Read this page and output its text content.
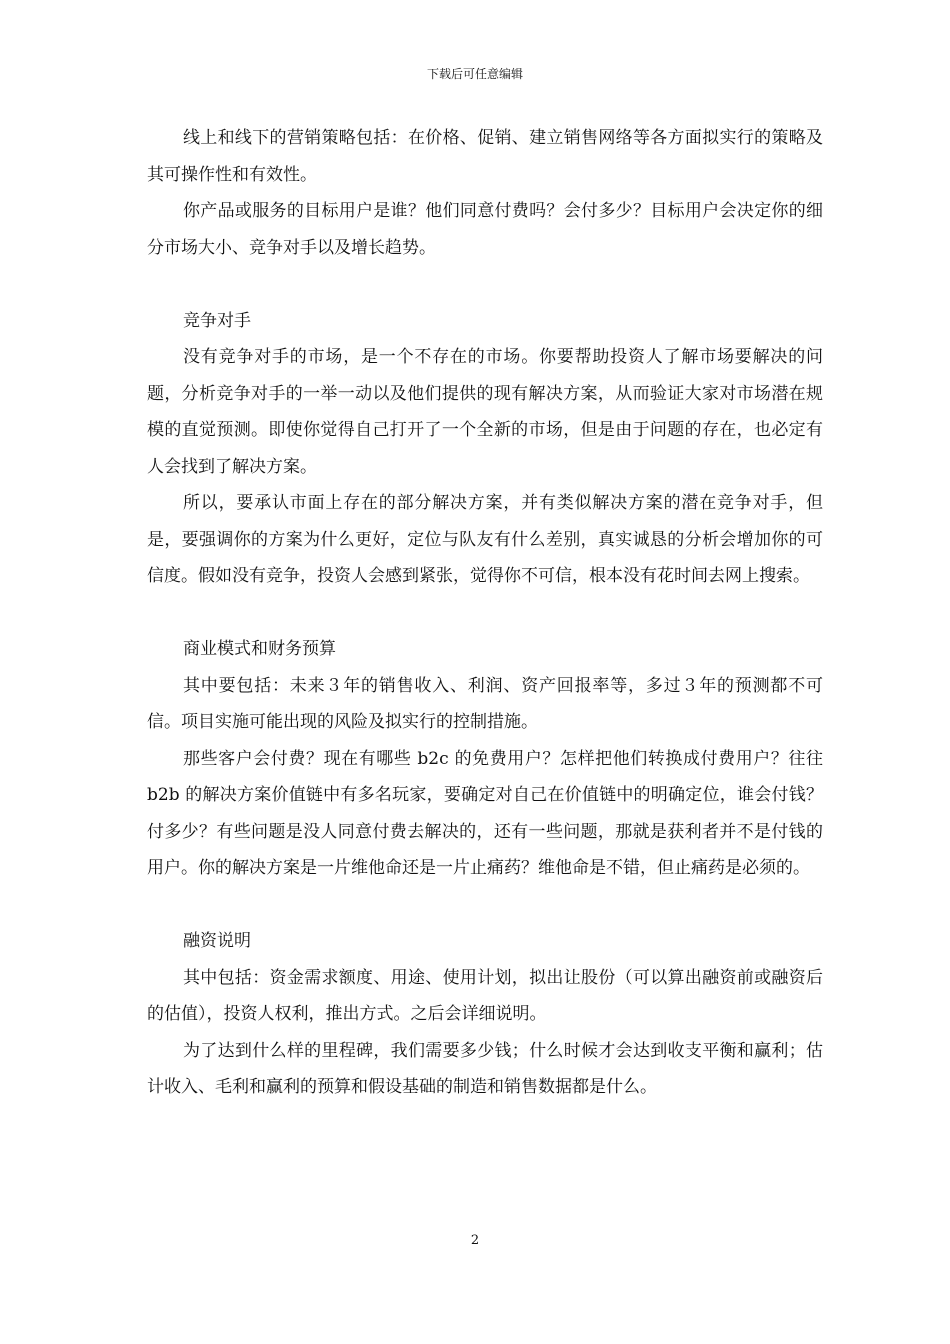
下载后可任意编辑

线上和线下的营销策略包括：在价格、促销、建立销售网络等各方面拟实行的策略及其可操作性和有效性。

你产品或服务的目标用户是谁？他们同意付费吗？会付多少？目标用户会决定你的细分市场大小、竞争对手以及增长趋势。

竞争对手

没有竞争对手的市场，是一个不存在的市场。你要帮助投资人了解市场要解决的问题，分析竞争对手的一举一动以及他们提供的现有解决方案，从而验证大家对市场潜在规模的直觉预测。即使你觉得自己打开了一个全新的市场，但是由于问题的存在，也必定有人会找到了解决方案。

所以，要承认市面上存在的部分解决方案，并有类似解决方案的潜在竞争对手，但是，要强调你的方案为什么更好，定位与队友有什么差别，真实诚恳的分析会增加你的可信度。假如没有竞争，投资人会感到紧张，觉得你不可信，根本没有花时间去网上搜索。

商业模式和财务预算

其中要包括：未来３年的销售收入、利润、资产回报率等，多过３年的预测都不可信。项目实施可能出现的风险及拟实行的控制措施。

那些客户会付费？现在有哪些 b2c 的免费用户？怎样把他们转换成付费用户？往往 b2b 的解决方案价值链中有多名玩家，要确定对自己在价值链中的明确定位，谁会付钱？付多少？有些问题是没人同意付费去解决的，还有一些问题，那就是获利者并不是付钱的用户。你的解决方案是一片维他命还是一片止痛药？维他命是不错，但止痛药是必须的。

融资说明

其中包括：资金需求额度、用途、使用计划，拟出让股份（可以算出融资前或融资后的估值），投资人权利，推出方式。之后会详细说明。

为了达到什么样的里程碑，我们需要多少钱；什么时候才会达到收支平衡和赢利；估计收入、毛利和赢利的预算和假设基础的制造和销售数据都是什么。

2
